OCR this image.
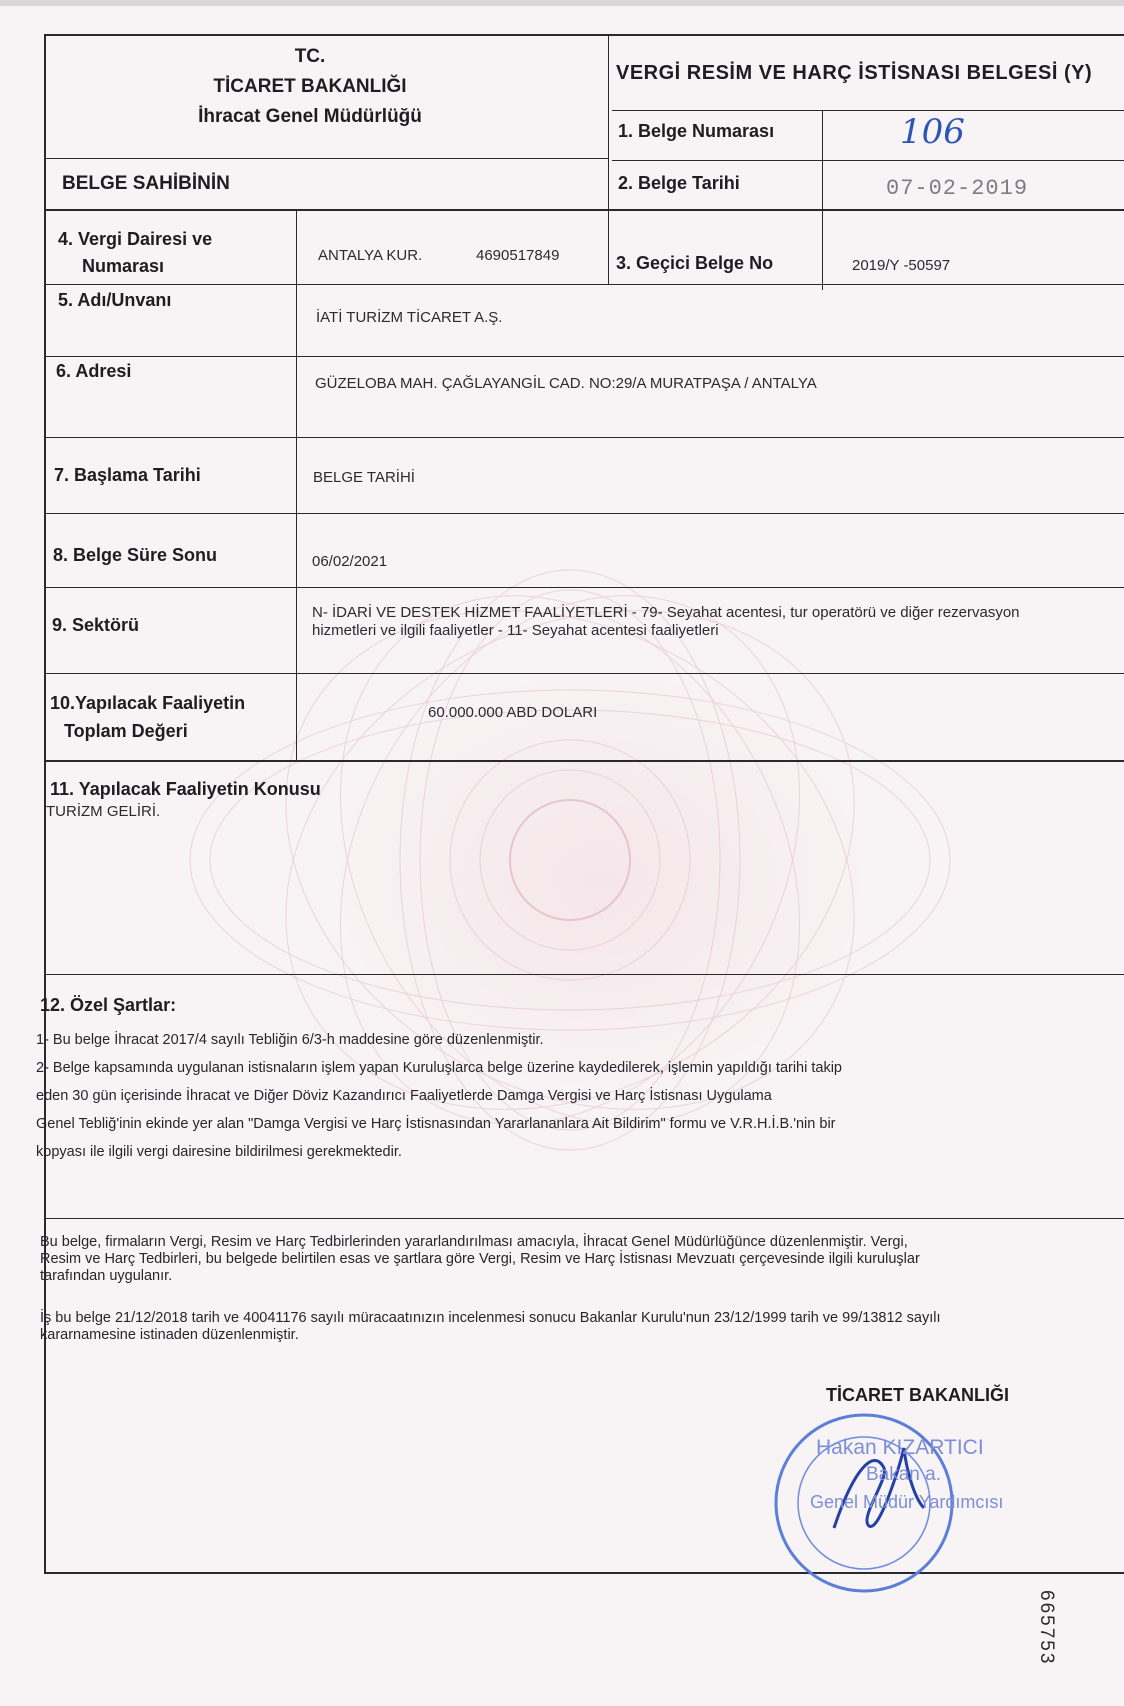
TC.
TİCARET BAKANLIĞI
İhracat Genel Müdürlüğü
VERGİ RESİM VE HARÇ İSTİSNASI BELGESİ (Y)
BELGE SAHİBİNİN
1. Belge Numarası	106
2. Belge Tarihi	07-02-2019
3. Geçici Belge No	2019/Y -50597
4. Vergi Dairesi ve
Numarası
ANTALYA KUR.	4690517849
5. Adı/Unvanı
İATİ TURİZM TİCARET A.Ş.
6. Adresi
GÜZELOBA MAH. ÇAĞLAYANGİL CAD. NO:29/A MURATPAŞA / ANTALYA
7. Başlama Tarihi	BELGE TARİHİ
8. Belge Süre Sonu	06/02/2021
9. Sektörü
N- İDARİ VE DESTEK HİZMET FAALİYETLERİ - 79- Seyahat acentesi, tur operatörü ve diğer rezervasyon
hizmetleri ve ilgili faaliyetler - 11- Seyahat acentesi faaliyetleri
10.Yapılacak Faaliyetin
Toplam Değeri
60.000.000 ABD DOLARI
11. Yapılacak Faaliyetin Konusu
TURİZM GELİRİ.
12. Özel Şartlar:
1- Bu belge İhracat 2017/4 sayılı Tebliğin 6/3-h maddesine göre düzenlenmiştir.
2- Belge kapsamında uygulanan istisnaların işlem yapan Kuruluşlarca belge üzerine kaydedilerek, işlemin yapıldığı tarihi takip
eden 30 gün içerisinde İhracat ve Diğer Döviz Kazandırıcı Faaliyetlerde Damga Vergisi ve Harç İstisnası Uygulama
Genel Tebliğ'inin ekinde yer alan "Damga Vergisi ve Harç İstisnasından Yararlananlara Ait Bildirim" formu ve V.R.H.İ.B.'nin bir
kopyası ile ilgili vergi dairesine bildirilmesi gerekmektedir.
Bu belge, firmaların Vergi, Resim ve Harç Tedbirlerinden yararlandırılması amacıyla, İhracat Genel Müdürlüğünce düzenlenmiştir. Vergi,
Resim ve Harç Tedbirleri, bu belgede belirtilen esas ve şartlara göre Vergi, Resim ve Harç İstisnası Mevzuatı çerçevesinde ilgili kuruluşlar
tarafından uygulanır.
İş bu belge 21/12/2018 tarih ve 40041176 sayılı müracaatınızın incelenmesi sonucu Bakanlar Kurulu'nun 23/12/1999 tarih ve 99/13812 sayılı
kararnamesine istinaden düzenlenmiştir.
TİCARET BAKANLIĞI
Hakan KIZARTICI
Bakan a.
Genel Müdür Yardımcısı
665753
